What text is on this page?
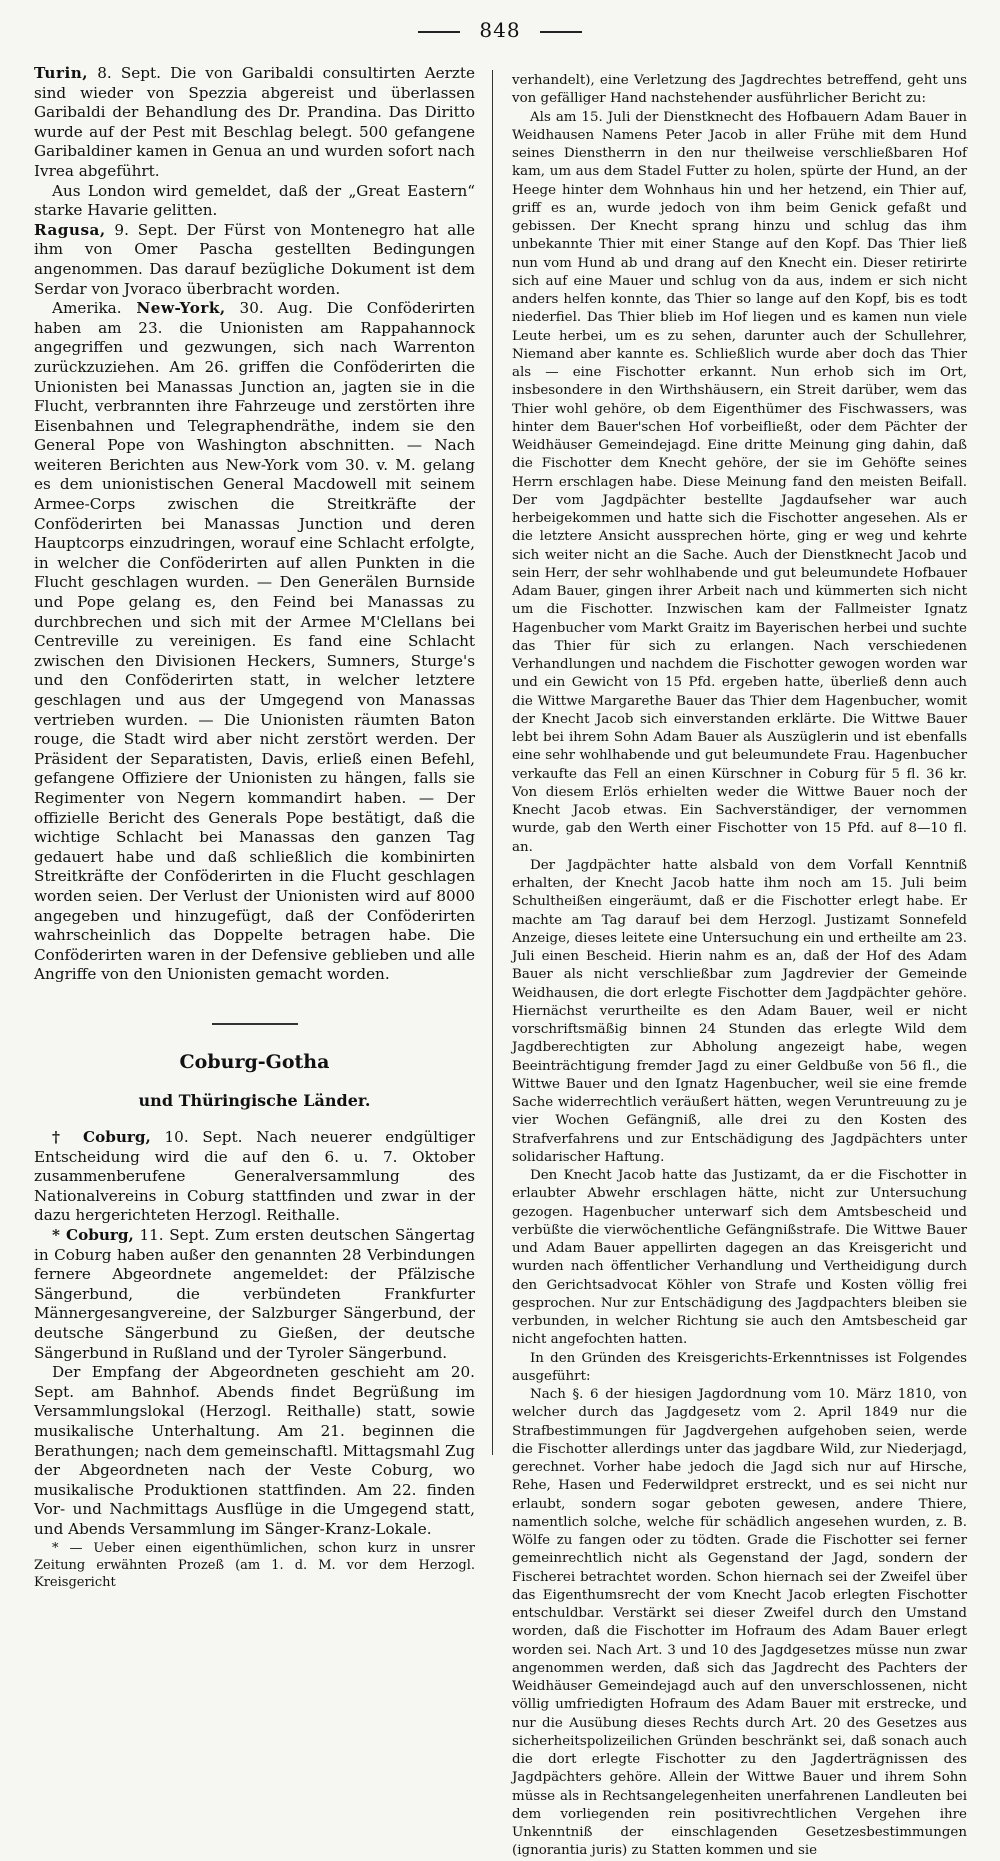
848

Turin, 8. Sept. Die von Garibaldi consultirten Aerzte sind wieder von Spezzia abgereist und überlassen Garibaldi der Behandlung des Dr. Prandina. Das Diritto wurde auf der Pest mit Beschlag belegt. 500 gefangene Garibaldiner kamen in Genua an und wurden sofort nach Ivrea abgeführt.

Aus London wird gemeldet, daß der „Great Eastern“ starke Havarie gelitten.

Ragusa, 9. Sept. Der Fürst von Montenegro hat alle ihm von Omer Pascha gestellten Bedingungen angenommen. Das darauf bezügliche Dokument ist dem Serdar von Jvoraco überbracht worden.

Amerika. New-York, 30. Aug. Die Conföderirten haben am 23. die Unionisten am Rappahannock angegriffen und gezwungen, sich nach Warrenton zurückzuziehen. Am 26. griffen die Conföderirten die Unionisten bei Manassas Junction an, jagten sie in die Flucht, verbrannten ihre Fahrzeuge und zerstörten ihre Eisenbahnen und Telegraphendräthe, indem sie den General Pope von Washington abschnitten. — Nach weiteren Berichten aus New-York vom 30. v. M. gelang es dem unionistischen General Macdowell mit seinem Armee-Corps zwischen die Streitkräfte der Conföderirten bei Manassas Junction und deren Hauptcorps einzudringen, worauf eine Schlacht erfolgte, in welcher die Conföderirten auf allen Punkten in die Flucht geschlagen wurden. — Den Generälen Burnside und Pope gelang es, den Feind bei Manassas zu durchbrechen und sich mit der Armee M'Clellans bei Centreville zu vereinigen. Es fand eine Schlacht zwischen den Divisionen Heckers, Sumners, Sturge's und den Conföderirten statt, in welcher letztere geschlagen und aus der Umgegend von Manassas vertrieben wurden. — Die Unionisten räumten Baton rouge, die Stadt wird aber nicht zerstört werden. Der Präsident der Separatisten, Davis, erließ einen Befehl, gefangene Offiziere der Unionisten zu hängen, falls sie Regimenter von Negern kommandirt haben. — Der offizielle Bericht des Generals Pope bestätigt, daß die wichtige Schlacht bei Manassas den ganzen Tag gedauert habe und daß schließlich die kombinirten Streitkräfte der Conföderirten in die Flucht geschlagen worden seien. Der Verlust der Unionisten wird auf 8000 angegeben und hinzugefügt, daß der Conföderirten wahrscheinlich das Doppelte betragen habe. Die Conföderirten waren in der Defensive geblieben und alle Angriffe von den Unionisten gemacht worden.

Coburg-Gotha
und Thüringische Länder.

† Coburg, 10. Sept. Nach neuerer endgültiger Entscheidung wird die auf den 6. u. 7. Oktober zusammenberufene Generalversammlung des Nationalvereins in Coburg stattfinden und zwar in der dazu hergerichteten Herzogl. Reithalle.

* Coburg, 11. Sept. Zum ersten deutschen Sängertag in Coburg haben außer den genannten 28 Verbindungen fernere Abgeordnete angemeldet: der Pfälzische Sängerbund, die verbündeten Frankfurter Männergesangvereine, der Salzburger Sängerbund, der deutsche Sängerbund zu Gießen, der deutsche Sängerbund in Rußland und der Tyroler Sängerbund.

Der Empfang der Abgeordneten geschieht am 20. Sept. am Bahnhof. Abends findet Begrüßung im Versammlungslokal (Herzogl. Reithalle) statt, sowie musikalische Unterhaltung. Am 21. beginnen die Berathungen; nach dem gemeinschaftl. Mittagsmahl Zug der Abgeordneten nach der Veste Coburg, wo musikalische Produktionen stattfinden. Am 22. finden Vor- und Nachmittags Ausflüge in die Umgegend statt, und Abends Versammlung im Sänger-Kranz-Lokale.

* — Ueber einen eigenthümlichen, schon kurz in unsrer Zeitung erwähnten Prozeß (am 1. d. M. vor dem Herzogl. Kreisgericht

verhandelt), eine Verletzung des Jagdrechtes betreffend, geht uns von gefälliger Hand nachstehender ausführlicher Bericht zu:

Als am 15. Juli der Dienstknecht des Hofbauern Adam Bauer in Weidhausen Namens Peter Jacob in aller Frühe mit dem Hund seines Dienstherrn in den nur theilweise verschließbaren Hof kam, um aus dem Stadel Futter zu holen, spürte der Hund, an der Heege hinter dem Wohnhaus hin und her hetzend, ein Thier auf, griff es an, wurde jedoch von ihm beim Genick gefaßt und gebissen. Der Knecht sprang hinzu und schlug das ihm unbekannte Thier mit einer Stange auf den Kopf. Das Thier ließ nun vom Hund ab und drang auf den Knecht ein. Dieser retirirte sich auf eine Mauer und schlug von da aus, indem er sich nicht anders helfen konnte, das Thier so lange auf den Kopf, bis es todt niederfiel. Das Thier blieb im Hof liegen und es kamen nun viele Leute herbei, um es zu sehen, darunter auch der Schullehrer, Niemand aber kannte es. Schließlich wurde aber doch das Thier als — eine Fischotter erkannt. Nun erhob sich im Ort, insbesondere in den Wirthshäusern, ein Streit darüber, wem das Thier wohl gehöre, ob dem Eigenthümer des Fischwassers, was hinter dem Bauer'schen Hof vorbeifließt, oder dem Pächter der Weidhäuser Gemeindejagd. Eine dritte Meinung ging dahin, daß die Fischotter dem Knecht gehöre, der sie im Gehöfte seines Herrn erschlagen habe. Diese Meinung fand den meisten Beifall. Der vom Jagdpächter bestellte Jagdaufseher war auch herbeigekommen und hatte sich die Fischotter angesehen. Als er die letztere Ansicht aussprechen hörte, ging er weg und kehrte sich weiter nicht an die Sache. Auch der Dienstknecht Jacob und sein Herr, der sehr wohlhabende und gut beleumundete Hofbauer Adam Bauer, gingen ihrer Arbeit nach und kümmerten sich nicht um die Fischotter. Inzwischen kam der Fallmeister Ignatz Hagenbucher vom Markt Graitz im Bayerischen herbei und suchte das Thier für sich zu erlangen. Nach verschiedenen Verhandlungen und nachdem die Fischotter gewogen worden war und ein Gewicht von 15 Pfd. ergeben hatte, überließ denn auch die Wittwe Margarethe Bauer das Thier dem Hagenbucher, womit der Knecht Jacob sich einverstanden erklärte. Die Wittwe Bauer lebt bei ihrem Sohn Adam Bauer als Auszüglerin und ist ebenfalls eine sehr wohlhabende und gut beleumundete Frau. Hagenbucher verkaufte das Fell an einen Kürschner in Coburg für 5 fl. 36 kr. Von diesem Erlös erhielten weder die Wittwe Bauer noch der Knecht Jacob etwas. Ein Sachverständiger, der vernommen wurde, gab den Werth einer Fischotter von 15 Pfd. auf 8—10 fl. an.

Der Jagdpächter hatte alsbald von dem Vorfall Kenntniß erhalten, der Knecht Jacob hatte ihm noch am 15. Juli beim Schultheißen eingeräumt, daß er die Fischotter erlegt habe. Er machte am Tag darauf bei dem Herzogl. Justizamt Sonnefeld Anzeige, dieses leitete eine Untersuchung ein und ertheilte am 23. Juli einen Bescheid. Hierin nahm es an, daß der Hof des Adam Bauer als nicht verschließbar zum Jagdrevier der Gemeinde Weidhausen, die dort erlegte Fischotter dem Jagdpächter gehöre. Hiernächst verurtheilte es den Adam Bauer, weil er nicht vorschriftsmäßig binnen 24 Stunden das erlegte Wild dem Jagdberechtigten zur Abholung angezeigt habe, wegen Beeinträchtigung fremder Jagd zu einer Geldbuße von 56 fl., die Wittwe Bauer und den Ignatz Hagenbucher, weil sie eine fremde Sache widerrechtlich veräußert hätten, wegen Veruntreuung zu je vier Wochen Gefängniß, alle drei zu den Kosten des Strafverfahrens und zur Entschädigung des Jagdpächters unter solidarischer Haftung.

Den Knecht Jacob hatte das Justizamt, da er die Fischotter in erlaubter Abwehr erschlagen hätte, nicht zur Untersuchung gezogen. Hagenbucher unterwarf sich dem Amtsbescheid und verbüßte die vierwöchentliche Gefängnißstrafe. Die Wittwe Bauer und Adam Bauer appellirten dagegen an das Kreisgericht und wurden nach öffentlicher Verhandlung und Vertheidigung durch den Gerichtsadvocat Köhler von Strafe und Kosten völlig frei gesprochen. Nur zur Entschädigung des Jagdpachters bleiben sie verbunden, in welcher Richtung sie auch den Amtsbescheid gar nicht angefochten hatten.

In den Gründen des Kreisgerichts-Erkenntnisses ist Folgendes ausgeführt:

Nach §. 6 der hiesigen Jagdordnung vom 10. März 1810, von welcher durch das Jagdgesetz vom 2. April 1849 nur die Strafbestimmungen für Jagdvergehen aufgehoben seien, werde die Fischotter allerdings unter das jagdbare Wild, zur Niederjagd, gerechnet. Vorher habe jedoch die Jagd sich nur auf Hirsche, Rehe, Hasen und Federwildpret erstreckt, und es sei nicht nur erlaubt, sondern sogar geboten gewesen, andere Thiere, namentlich solche, welche für schädlich angesehen wurden, z. B. Wölfe zu fangen oder zu tödten. Grade die Fischotter sei ferner gemeinrechtlich nicht als Gegenstand der Jagd, sondern der Fischerei betrachtet worden. Schon hiernach sei der Zweifel über das Eigenthumsrecht der vom Knecht Jacob erlegten Fischotter entschuldbar. Verstärkt sei dieser Zweifel durch den Umstand worden, daß die Fischotter im Hofraum des Adam Bauer erlegt worden sei. Nach Art. 3 und 10 des Jagdgesetzes müsse nun zwar angenommen werden, daß sich das Jagdrecht des Pachters der Weidhäuser Gemeindejagd auch auf den unverschlossenen, nicht völlig umfriedigten Hofraum des Adam Bauer mit erstrecke, und nur die Ausübung dieses Rechts durch Art. 20 des Gesetzes aus sicherheitspolizeilichen Gründen beschränkt sei, daß sonach auch die dort erlegte Fischotter zu den Jagderträgnissen des Jagdpächters gehöre. Allein der Wittwe Bauer und ihrem Sohn müsse als in Rechtsangelegenheiten unerfahrenen Landleuten bei dem vorliegenden rein positivrechtlichen Vergehen ihre Unkenntniß der einschlagenden Gesetzesbestimmungen (ignorantia juris) zu Statten kommen und sie
